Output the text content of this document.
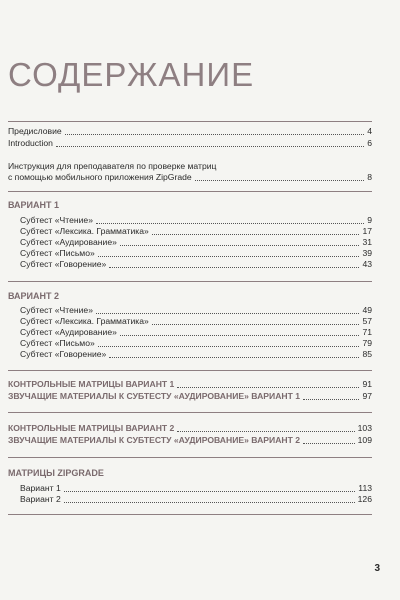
СОДЕРЖАНИЕ
Предисловие	4
Introduction	6
Инструкция для преподавателя по проверке матриц
с помощью мобильного приложения ZipGrade	8
ВАРИАНТ 1
Субтест «Чтение»	9
Субтест «Лексика. Грамматика»	17
Субтест «Аудирование»	31
Субтест «Письмо»	39
Субтест «Говорение»	43
ВАРИАНТ 2
Субтест «Чтение»	49
Субтест «Лексика. Грамматика»	57
Субтест «Аудирование»	71
Субтест «Письмо»	79
Субтест «Говорение»	85
КОНТРОЛЬНЫЕ МАТРИЦЫ ВАРИАНТ 1	91
ЗВУЧАЩИЕ МАТЕРИАЛЫ К СУБТЕСТУ «АУДИРОВАНИЕ» ВАРИАНТ 1	97
КОНТРОЛЬНЫЕ МАТРИЦЫ ВАРИАНТ 2	103
ЗВУЧАЩИЕ МАТЕРИАЛЫ К СУБТЕСТУ «АУДИРОВАНИЕ» ВАРИАНТ 2	109
МАТРИЦЫ ZIPGRADE
Вариант 1	113
Вариант 2	126
3
